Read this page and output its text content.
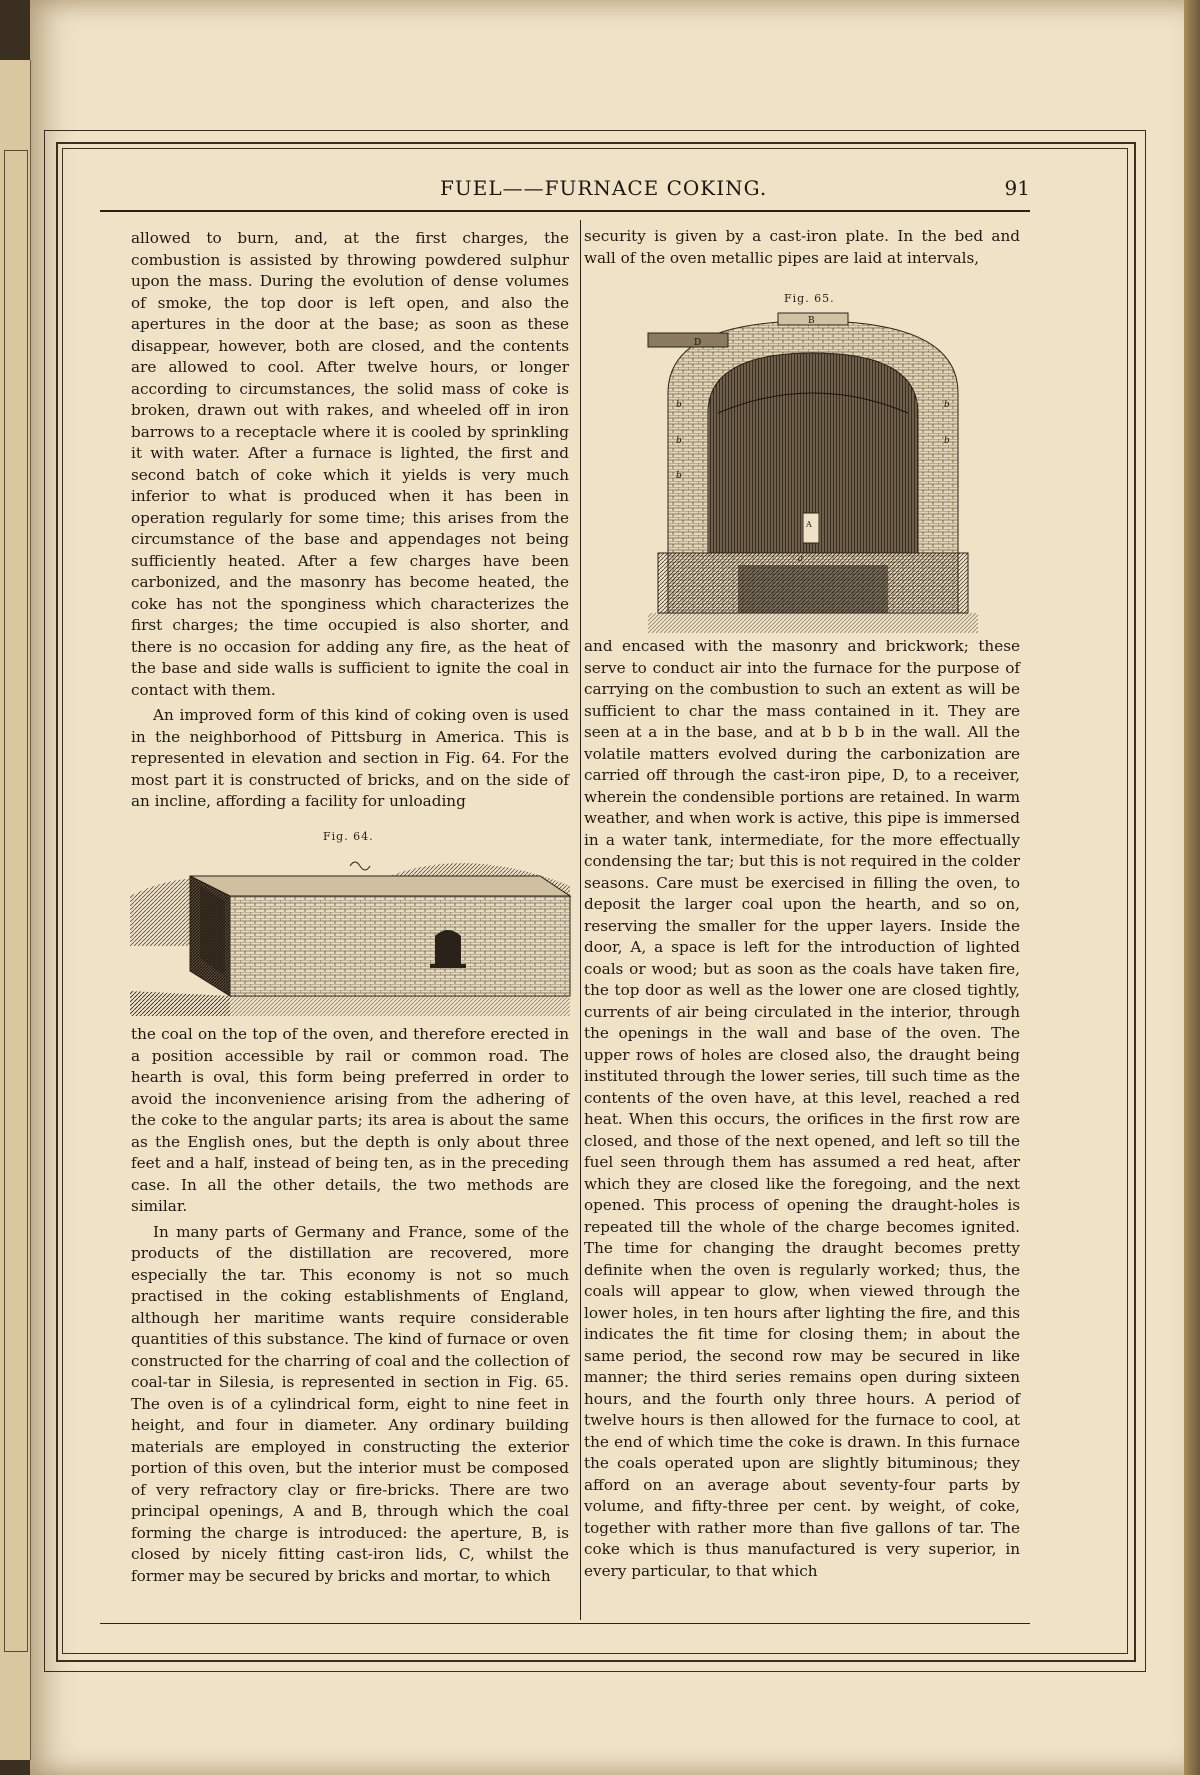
FUEL——FURNACE COKING.	91

allowed to burn, and, at the first charges, the combustion is assisted by throwing powdered sulphur upon the mass. During the evolution of dense volumes of smoke, the top door is left open, and also the apertures in the door at the base; as soon as these disappear, however, both are closed, and the contents are allowed to cool. After twelve hours, or longer according to circumstances, the solid mass of coke is broken, drawn out with rakes, and wheeled off in iron barrows to a receptacle where it is cooled by sprinkling it with water. After a furnace is lighted, the first and second batch of coke which it yields is very much inferior to what is produced when it has been in operation regularly for some time; this arises from the circumstance of the base and appendages not being sufficiently heated. After a few charges have been carbonized, and the masonry has become heated, the coke has not the sponginess which characterizes the first charges; the time occupied is also shorter, and there is no occasion for adding any fire, as the heat of the base and side walls is sufficient to ignite the coal in contact with them.

An improved form of this kind of coking oven is used in the neighborhood of Pittsburg in America. This is represented in elevation and section in Fig. 64. For the most part it is constructed of bricks, and on the side of an incline, affording a facility for unloading

Fig. 64.

the coal on the top of the oven, and therefore erected in a position accessible by rail or common road. The hearth is oval, this form being preferred in order to avoid the inconvenience arising from the adhering of the coke to the angular parts; its area is about the same as the English ones, but the depth is only about three feet and a half, instead of being ten, as in the preceding case. In all the other details, the two methods are similar.

In many parts of Germany and France, some of the products of the distillation are recovered, more especially the tar. This economy is not so much practised in the coking establishments of England, although her maritime wants require considerable quantities of this substance. The kind of furnace or oven constructed for the charring of coal and the collection of coal-tar in Silesia, is represented in section in Fig. 65. The oven is of a cylindrical form, eight to nine feet in height, and four in diameter. Any ordinary building materials are employed in constructing the exterior portion of this oven, but the interior must be composed of very refractory clay or fire-bricks. There are two principal openings, A and B, through which the coal forming the charge is introduced: the aperture, B, is closed by nicely fitting cast-iron lids, C, whilst the former may be secured by bricks and mortar, to which

security is given by a cast-iron plate. In the bed and wall of the oven metallic pipes are laid at intervals,

Fig. 65.
D
B
A
b
b
b
b
b
a

and encased with the masonry and brickwork; these serve to conduct air into the furnace for the purpose of carrying on the combustion to such an extent as will be sufficient to char the mass contained in it. They are seen at a in the base, and at b b b in the wall. All the volatile matters evolved during the carbonization are carried off through the cast-iron pipe, D, to a receiver, wherein the condensible portions are retained. In warm weather, and when work is active, this pipe is immersed in a water tank, intermediate, for the more effectually condensing the tar; but this is not required in the colder seasons. Care must be exercised in filling the oven, to deposit the larger coal upon the hearth, and so on, reserving the smaller for the upper layers. Inside the door, A, a space is left for the introduction of lighted coals or wood; but as soon as the coals have taken fire, the top door as well as the lower one are closed tightly, currents of air being circulated in the interior, through the openings in the wall and base of the oven. The upper rows of holes are closed also, the draught being instituted through the lower series, till such time as the contents of the oven have, at this level, reached a red heat. When this occurs, the orifices in the first row are closed, and those of the next opened, and left so till the fuel seen through them has assumed a red heat, after which they are closed like the foregoing, and the next opened. This process of opening the draught-holes is repeated till the whole of the charge becomes ignited. The time for changing the draught becomes pretty definite when the oven is regularly worked; thus, the coals will appear to glow, when viewed through the lower holes, in ten hours after lighting the fire, and this indicates the fit time for closing them; in about the same period, the second row may be secured in like manner; the third series remains open during sixteen hours, and the fourth only three hours. A period of twelve hours is then allowed for the furnace to cool, at the end of which time the coke is drawn. In this furnace the coals operated upon are slightly bituminous; they afford on an average about seventy-four parts by volume, and fifty-three per cent. by weight, of coke, together with rather more than five gallons of tar. The coke which is thus manufactured is very superior, in every particular, to that which
